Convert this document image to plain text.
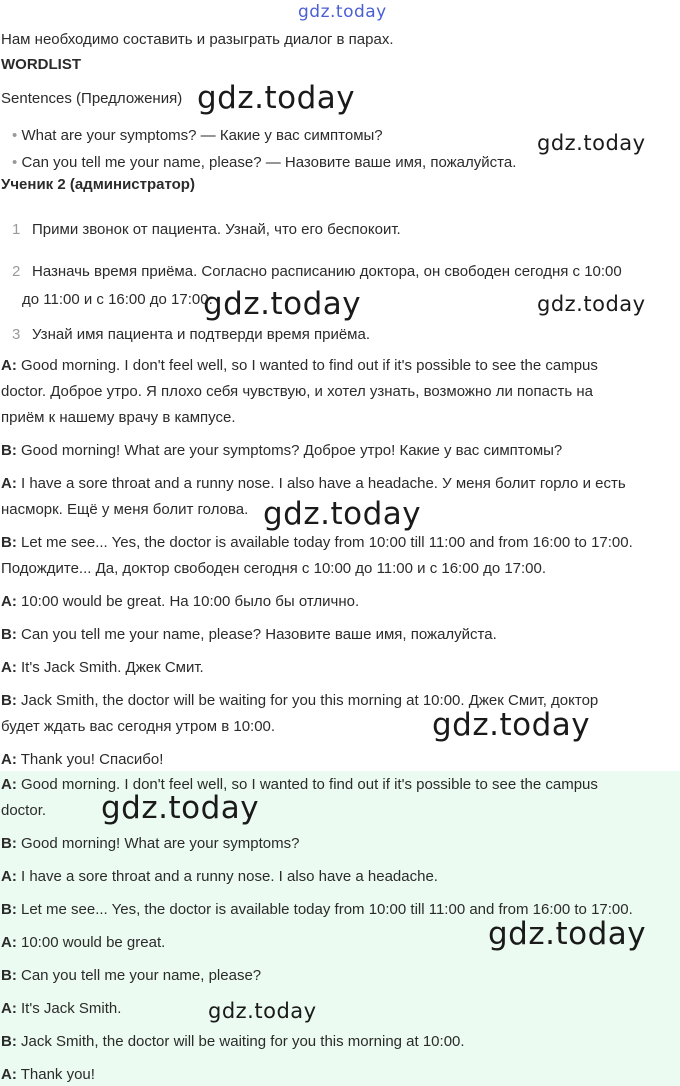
gdz.today
Нам необходимо составить и разыграть диалог в парах.
WORDLIST
Sentences (Предложения)
• What are your symptoms? — Какие у вас симптомы?
• Can you tell me your name, please? — Назовите ваше имя, пожалуйста.
Ученик 2 (администратор)
1 Прими звонок от пациента. Узнай, что его беспокоит.
2 Назначь время приёма. Согласно расписанию доктора, он свободен сегодня с 10:00
до 11:00 и с 16:00 до 17:00.
3 Узнай имя пациента и подтверди время приёма.
A: Good morning. I don't feel well, so I wanted to find out if it's possible to see the campus
doctor. Доброе утро. Я плохо себя чувствую, и хотел узнать, возможно ли попасть на
приём к нашему врачу в кампусе.
B: Good morning! What are your symptoms? Доброе утро! Какие у вас симптомы?
A: I have a sore throat and a runny nose. I also have a headache. У меня болит горло и есть
насморк. Ещё у меня болит голова.
B: Let me see... Yes, the doctor is available today from 10:00 till 11:00 and from 16:00 to 17:00.
Подождите... Да, доктор свободен сегодня с 10:00 до 11:00 и с 16:00 до 17:00.
A: 10:00 would be great. На 10:00 было бы отлично.
B: Can you tell me your name, please? Назовите ваше имя, пожалуйста.
A: It's Jack Smith. Джек Смит.
B: Jack Smith, the doctor will be waiting for you this morning at 10:00. Джек Смит, доктор
будет ждать вас сегодня утром в 10:00.
A: Thank you! Спасибо!
A: Good morning. I don't feel well, so I wanted to find out if it's possible to see the campus
doctor.
B: Good morning! What are your symptoms?
A: I have a sore throat and a runny nose. I also have a headache.
B: Let me see... Yes, the doctor is available today from 10:00 till 11:00 and from 16:00 to 17:00.
A: 10:00 would be great.
B: Can you tell me your name, please?
A: It's Jack Smith.
B: Jack Smith, the doctor will be waiting for you this morning at 10:00.
A: Thank you!
gdz.today
gdz.today
gdz.today	gdz.today
gdz.today
gdz.today
gdz.today
gdz.today
gdz.today
